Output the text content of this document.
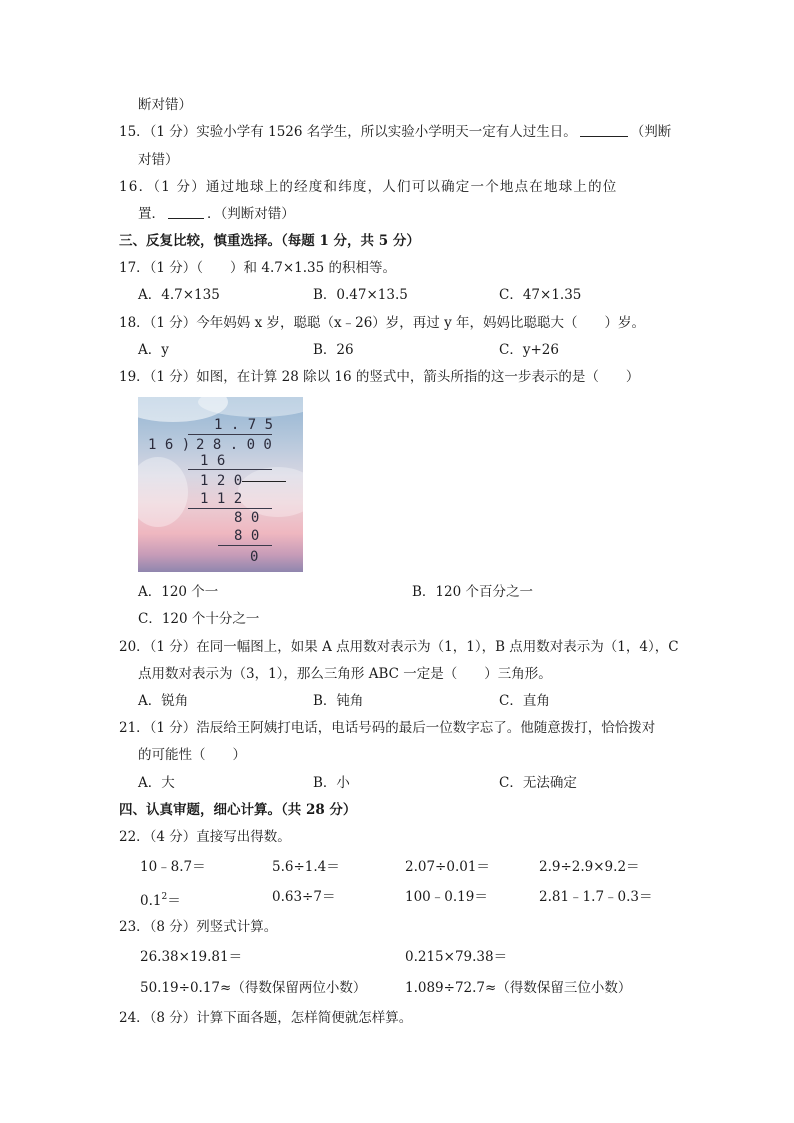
断对错）
15．（1 分）实验小学有 1526 名学生，所以实验小学明天一定有人过生日。	（判断
对错）
16．（1 分）通过地球上的经度和纬度，人们可以确定一个地点在地球上的位
置．	．（判断对错）
三、反复比较，慎重选择。（每题 1 分，共 5 分）
17．（1 分）（　　）和 4.7×1.35 的积相等。
A．4.7×135	B．0.47×13.5	C．47×1.35
18．（1 分）今年妈妈 x 岁，聪聪（x﹣26）岁，再过 y 年，妈妈比聪聪大（　　）岁。
A．y	B．26	C．y+26
19．（1 分）如图，在计算 28 除以 16 的竖式中，箭头所指的这一步表示的是（　　）
1 . 7 5
1 6 ) 2 8 . 0 0
1 6
1 2 0
1 1 2
8 0
8 0
0
A．120 个一	B．120 个百分之一
C．120 个十分之一
20．（1 分）在同一幅图上，如果 A 点用数对表示为（1，1），B 点用数对表示为（1，4），C
点用数对表示为（3，1），那么三角形 ABC 一定是（　　）三角形。
A．锐角	B．钝角	C．直角
21．（1 分）浩辰给王阿姨打电话，电话号码的最后一位数字忘了。他随意拨打，恰恰拨对
的可能性（　　）
A．大	B．小	C．无法确定
四、认真审题，细心计算。（共 28 分）
22．（4 分）直接写出得数。
10﹣8.7＝	5.6÷1.4＝	2.07÷0.01＝	2.9÷2.9×9.2＝
$0.1^2=$	0.63÷7＝	100﹣0.19＝	2.81﹣1.7﹣0.3＝
23．（8 分）列竖式计算。
26.38×19.81＝	0.215×79.38＝
50.19÷0.17≈（得数保留两位小数）	1.089÷72.7≈（得数保留三位小数）
24．（8 分）计算下面各题，怎样简便就怎样算。
